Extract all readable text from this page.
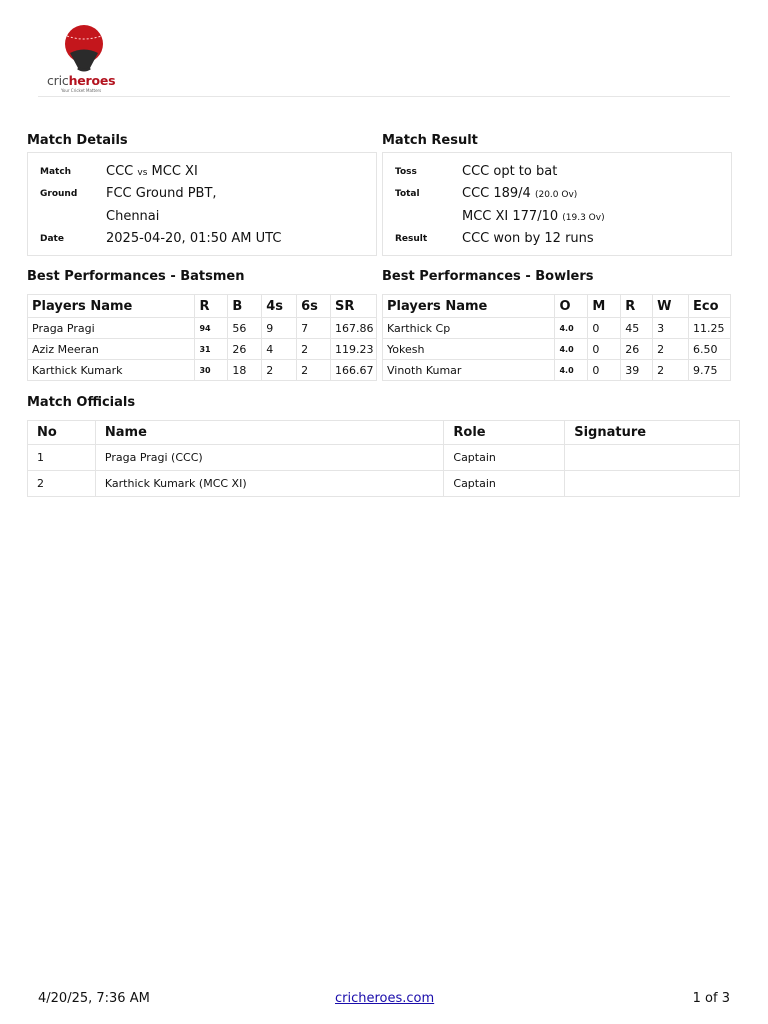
cricheroes
Your Cricket Matters
Match Details
Match	CCC vs MCC XI
Ground FCC Ground PBT,
Chennai
Date	2025-04-20, 01:50 AM UTC
Match Result
Toss	CCC opt to bat
Total	CCC 189/4 (20.0 Ov)
MCC XI 177/10 (19.3 Ov)
Result	CCC won by 12 runs
Best Performances - Batsmen
Players Name	R	B	4s	6s	SR
Praga Pragi	94	56	9	7	167.86
Aziz Meeran	31	26	4	2	119.23
Karthick Kumark	30	18	2	2	166.67
Best Performances - Bowlers
Players Name	O	M	R	W	Eco
Karthick Cp	4.0	0	45	3	11.25
Yokesh	4.0	0	26	2	6.50
Vinoth Kumar	4.0	0	39	2	9.75
Match Officials
No	Name	Role	Signature
1	Praga Pragi (CCC)	Captain	
2	Karthick Kumark (MCC XI)	Captain	
4/20/25, 7:36 AM	cricheroes.com	1 of 3
